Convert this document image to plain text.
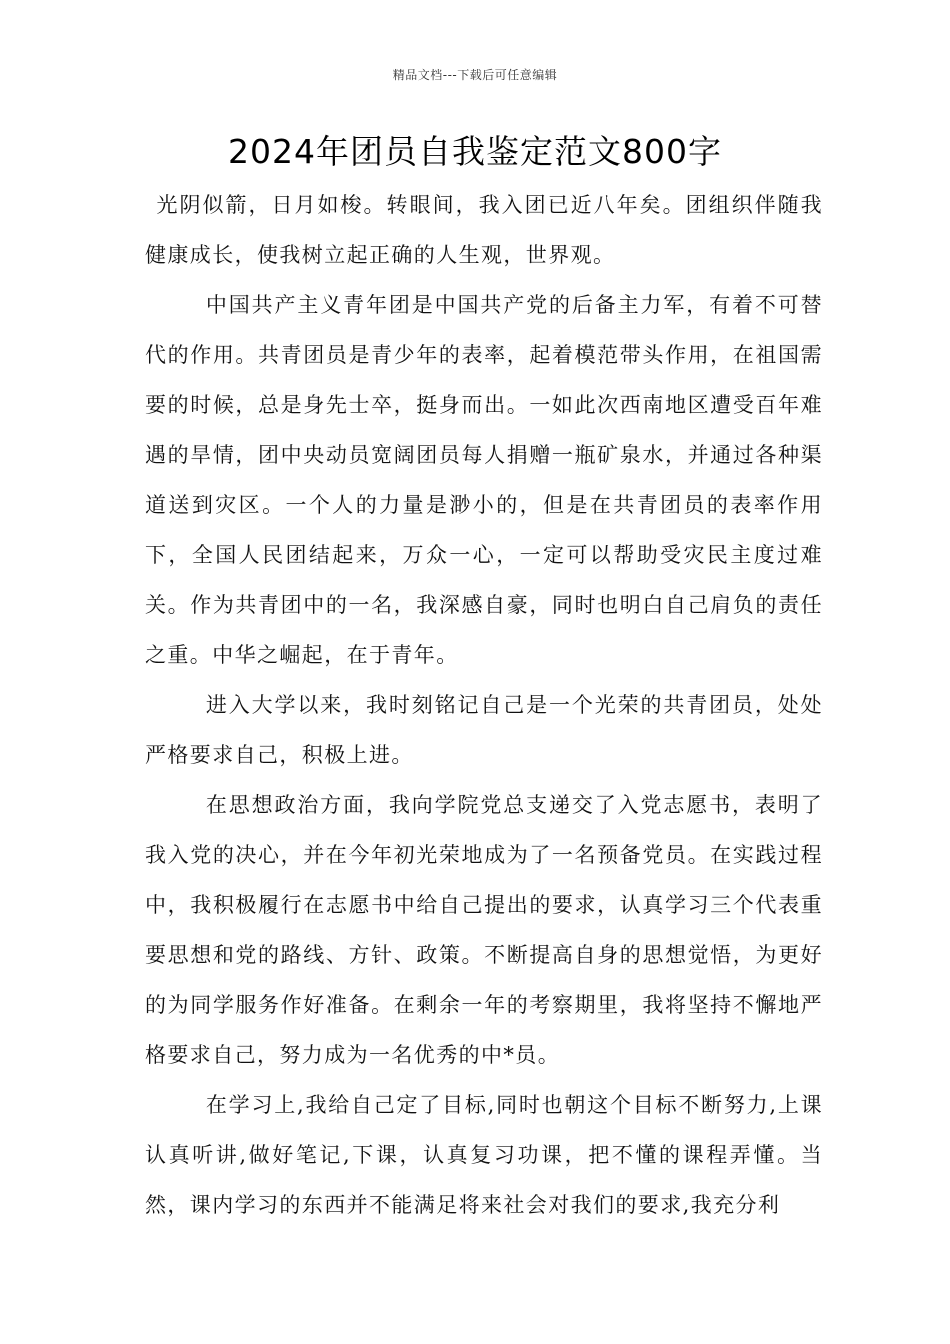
精品文档---下载后可任意编辑
2024年团员自我鉴定范文800字

光阴似箭，日月如梭。转眼间，我入团已近八年矣。团组织伴随我健康成长，使我树立起正确的人生观，世界观。

中国共产主义青年团是中国共产党的后备主力军，有着不可替代的作用。共青团员是青少年的表率，起着模范带头作用，在祖国需要的时候，总是身先士卒，挺身而出。一如此次西南地区遭受百年难遇的旱情，团中央动员宽阔团员每人捐赠一瓶矿泉水，并通过各种渠道送到灾区。一个人的力量是渺小的，但是在共青团员的表率作用下，全国人民团结起来，万众一心，一定可以帮助受灾民主度过难关。作为共青团中的一名，我深感自豪，同时也明白自己肩负的责任之重。中华之崛起，在于青年。

进入大学以来，我时刻铭记自己是一个光荣的共青团员，处处严格要求自己，积极上进。

在思想政治方面，我向学院党总支递交了入党志愿书，表明了我入党的决心，并在今年初光荣地成为了一名预备党员。在实践过程中，我积极履行在志愿书中给自己提出的要求，认真学习三个代表重要思想和党的路线、方针、政策。不断提高自身的思想觉悟，为更好的为同学服务作好准备。在剩余一年的考察期里，我将坚持不懈地严格要求自己，努力成为一名优秀的中*员。

在学习上,我给自己定了目标,同时也朝这个目标不断努力,上课认真听讲,做好笔记,下课，认真复习功课，把不懂的课程弄懂。当然，课内学习的东西并不能满足将来社会对我们的要求,我充分利
